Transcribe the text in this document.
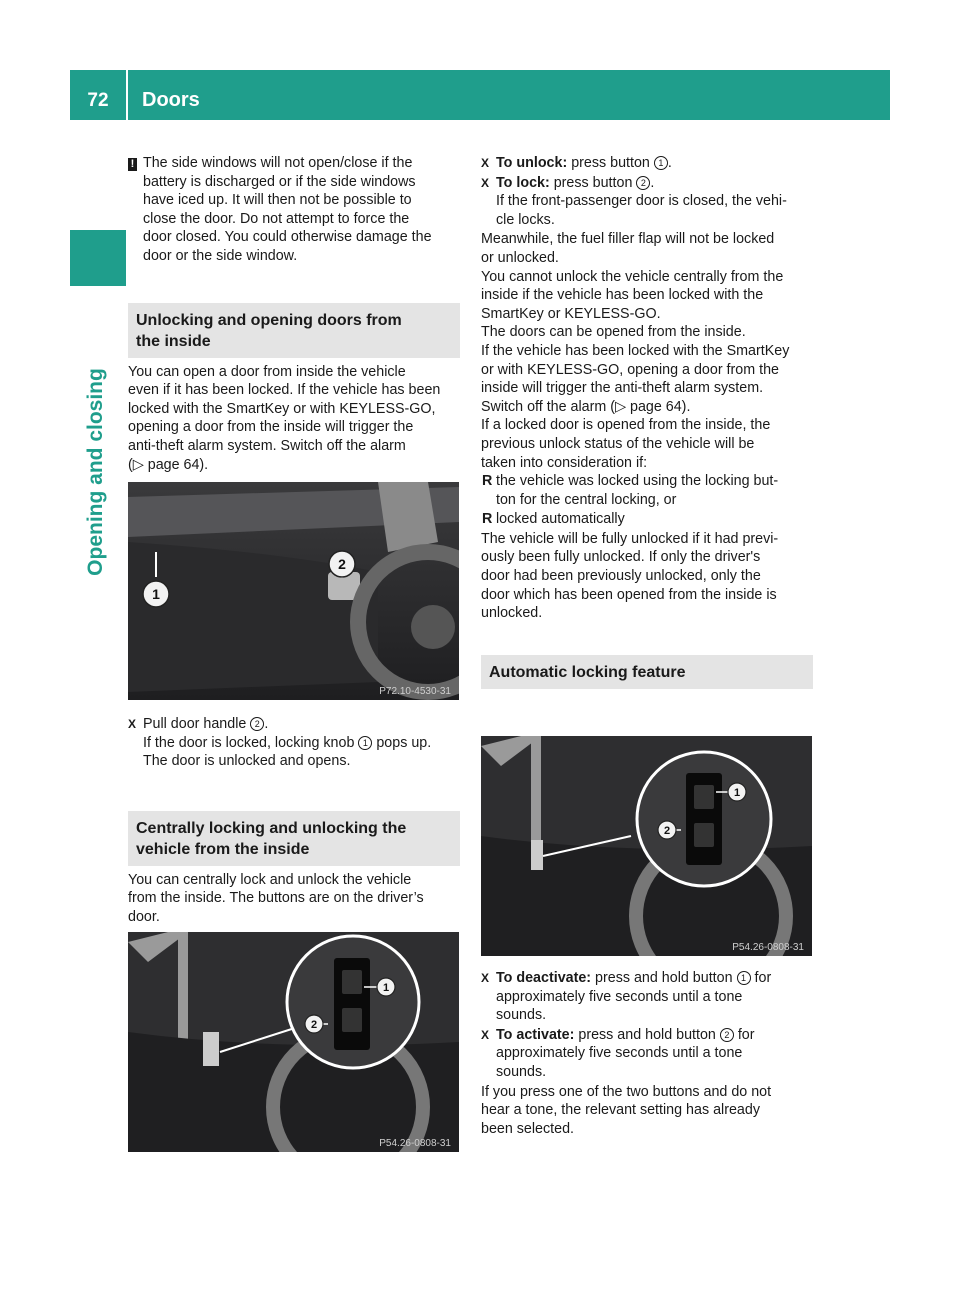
72	Doors
Opening and closing
! The side windows will not open/close if the

battery is discharged or if the side windows

have iced up. It will then not be possible to

close the door. Do not attempt to force the

door closed. You could otherwise damage the

door or the side window.

Unlocking and opening doors from
the inside

You can open a door from inside the vehicle

even if it has been locked. If the vehicle has been

locked with the SmartKey or with KEYLESS-GO,

opening a door from the inside will trigger the

anti-theft alarm system. Switch off the alarm

(▷ page 64).

1
2
P72.10-4530-31
X Pull door handle 2 .

If the door is locked, locking knob 1 pops up.

The door is unlocked and opens.

Centrally locking and unlocking the
vehicle from the inside

You can centrally lock and unlock the vehicle

from the inside. The buttons are on the driver’s

door.

1
2
P54.26-0808-31
X To unlock: press button 1 .

X To lock: press button 2 .

If the front-passenger door is closed, the vehi-

cle locks.

Meanwhile, the fuel filler flap will not be locked

or unlocked.

You cannot unlock the vehicle centrally from the

inside if the vehicle has been locked with the

SmartKey or KEYLESS-GO.

The doors can be opened from the inside.

If the vehicle has been locked with the SmartKey

or with KEYLESS-GO, opening a door from the

inside will trigger the anti-theft alarm system.

Switch off the alarm (▷ page 64).

If a locked door is opened from the inside, the

previous unlock status of the vehicle will be

taken into consideration if:

R the vehicle was locked using the locking but-

ton for the central locking, or

R locked automatically

The vehicle will be fully unlocked if it had previ-

ously been fully unlocked. If only the driver's

door had been previously unlocked, only the

door which has been opened from the inside is

unlocked.

Automatic locking feature
1
2
P54.26-0808-31
X To deactivate: press and hold button 1 for

approximately five seconds until a tone

sounds.

X To activate: press and hold button 2 for

approximately five seconds until a tone

sounds.

If you press one of the two buttons and do not

hear a tone, the relevant setting has already

been selected.
